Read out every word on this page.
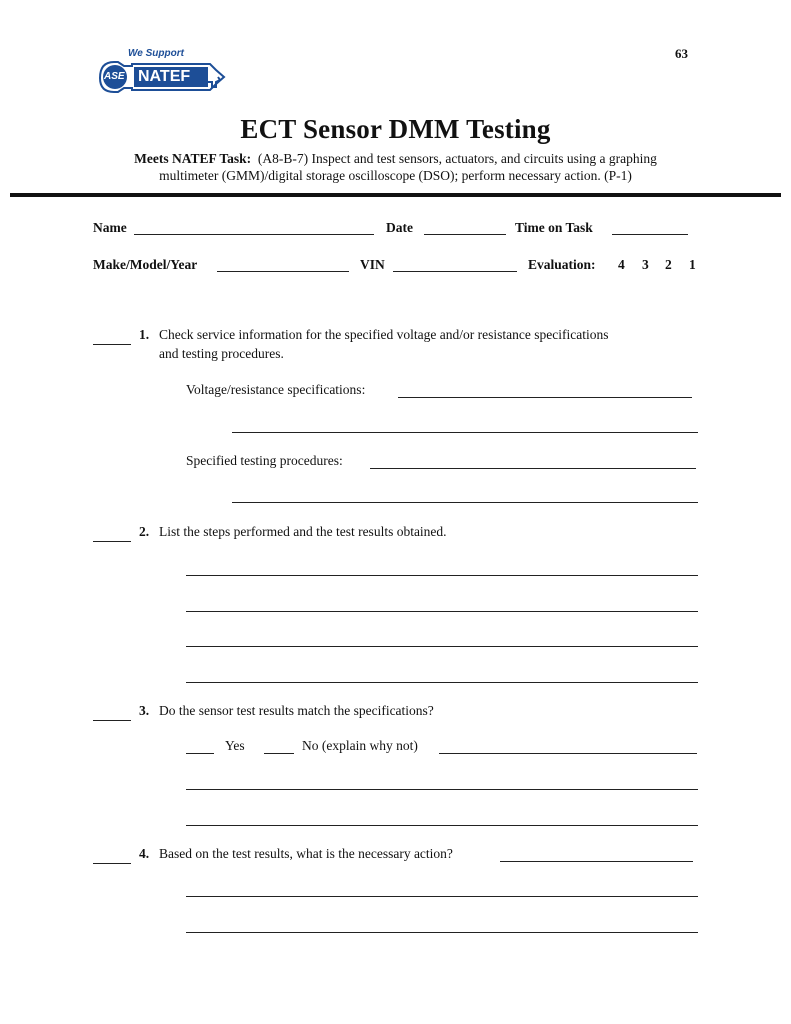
We Support
ASE NATEF
63
ECT Sensor DMM Testing
Meets NATEF Task: (A8-B-7) Inspect and test sensors, actuators, and circuits using a graphing
multimeter (GMM)/digital storage oscilloscope (DSO); perform necessary action. (P-1)
Name	Date	Time on Task
Make/Model/Year	VIN	Evaluation: 4 3 2 1
1. Check service information for the specified voltage and/or resistance specifications
and testing procedures.
Voltage/resistance specifications:
Specified testing procedures:
2. List the steps performed and the test results obtained.
3. Do the sensor test results match the specifications?
Yes	No (explain why not)
4. Based on the test results, what is the necessary action?
